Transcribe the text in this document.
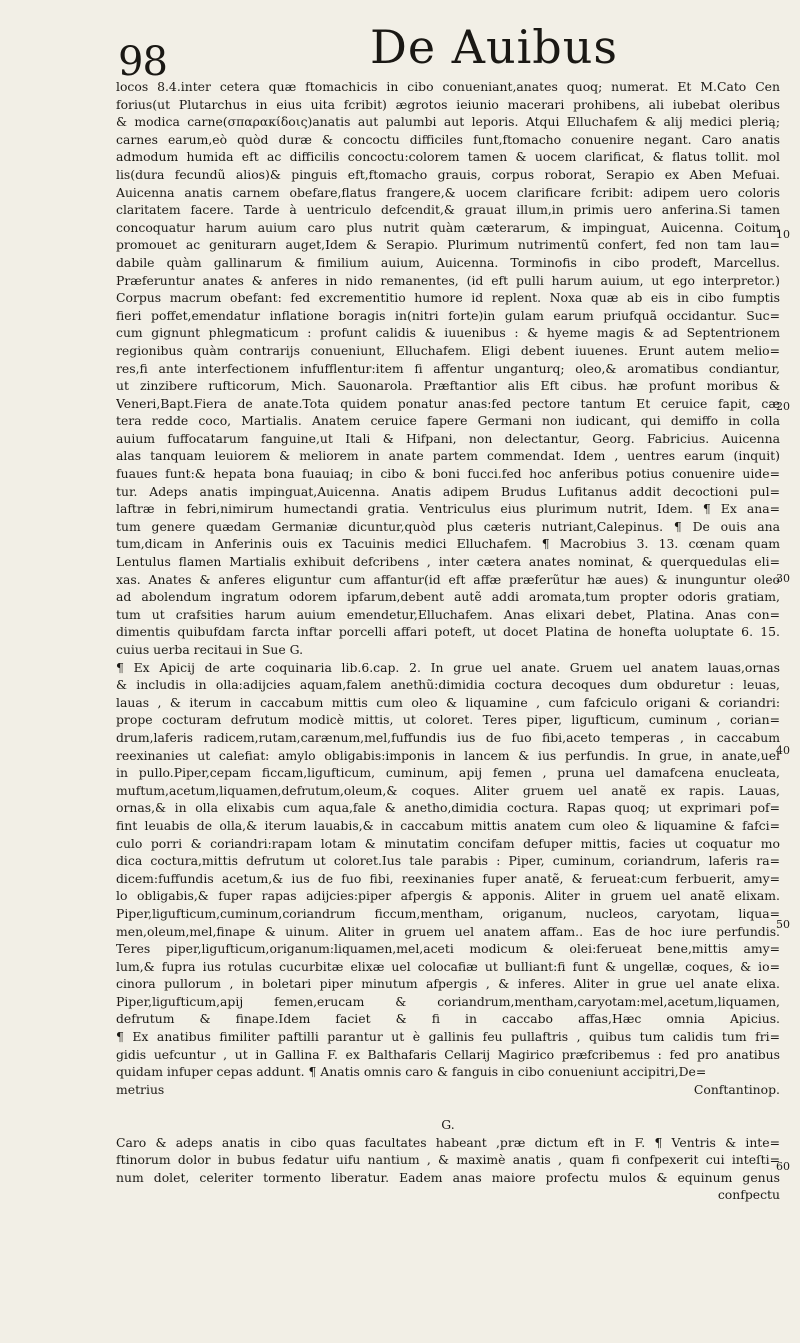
98	De Auibus
10
20
30
40
50
60
locos 8.4.inter cetera quæ ftomachicis in cibo conueniant,anates quoq; numerat. Et M.Cato Cen
forius(ut Plutarchus in eius uita fcribit) ægrotos ieiunio macerari prohibens, ali iubebat oleribus
& modica carne(σπαρακίδοις)anatis aut palumbi aut leporis. Atqui Elluchafem & alij medici plerią;
carnes earum,eò quòd duræ & concoctu difficiles funt,ftomacho conuenire negant. Caro anatis
admodum humida eft ac difficilis concoctu:colorem tamen & uocem clarificat, & flatus tollit. mol
lis(dura fecundũ alios)& pinguis eft,ftomacho grauis, corpus roborat, Serapio ex Aben Mefuai.
Auicenna anatis carnem obefare,flatus frangere,& uocem clarificare fcribit: adipem uero coloris
claritatem facere. Tarde à uentriculo defcendit,& grauat illum,in primis uero anferina.Si tamen
concoquatur harum auium caro plus nutrit quàm cæterarum, & impinguat, Auicenna. Coitum
promouet ac geniturarn auget,Idem & Serapio. Plurimum nutrimentũ confert, fed non tam lau=
dabile quàm gallinarum & fimilium auium, Auicenna. Torminofis in cibo prodeft, Marcellus.
Præferuntur anates & anferes in nido remanentes, (id eft pulli harum auium, ut ego interpretor.)
Corpus macrum obefant: fed excrementitio humore id replent. Noxa quæ ab eis in cibo fumptis
fieri poffet,emendatur inflatione boragis in(nitri forte)in gulam earum priufquã occidantur. Suc=
cum gignunt phlegmaticum : profunt calidis & iuuenibus : & hyeme magis & ad Septentrionem
regionibus quàm contrarijs conueniunt, Elluchafem. Eligi debent iuuenes. Erunt autem melio=
res,fi ante interfectionem infufflentur:item fi affentur unganturq; oleo,& aromatibus condiantur,
ut zinzibere rufticorum, Mich. Sauonarola. Præftantior alis Eft cibus. hæ profunt moribus &
Veneri,Bapt.Fiera de anate.Tota quidem ponatur anas:fed pectore tantum Et ceruice fapit, cæ
tera redde coco, Martialis. Anatem ceruice fapere Germani non iudicant, qui demiffo in colla
auium fuffocatarum fanguine,ut Itali & Hifpani, non delectantur, Georg. Fabricius. Auicenna
alas tanquam leuiorem & meliorem in anate partem commendat. Idem , uentres earum (inquit)
fuaues funt:& hepata bona fuauiaq; in cibo & boni fucci.fed hoc anferibus potius conuenire uide=
tur. Adeps anatis impinguat,Auicenna. Anatis adipem Brudus Lufitanus addit decoctioni pul=
laftræ in febri,nimirum humectandi gratia. Ventriculus eius plurimum nutrit, Idem. ¶ Ex ana=
tum genere quædam Germaniæ dicuntur,quòd plus cæteris nutriant,Calepinus. ¶ De ouis ana
tum,dicam in Anferinis ouis ex Tacuinis medici Elluchafem. ¶ Macrobius 3. 13. cœnam quam
Lentulus flamen Martialis exhibuit defcribens , inter cætera anates nominat, & querquedulas eli=
xas. Anates & anferes eliguntur cum affantur(id eft affæ præferũtur hæ aues) & inunguntur oleo
ad abolendum ingratum odorem ipfarum,debent autẽ addi aromata,tum propter odoris gratiam,
tum ut crafsities harum auium emendetur,Elluchafem. Anas elixari debet, Platina. Anas con=
dimentis quibufdam farcta inftar porcelli affari poteft, ut docet Platina de honefta uoluptate 6. 15.
cuius uerba recitaui in Sue G.
¶ Ex Apicij de arte coquinaria lib.6.cap. 2. In grue uel anate. Gruem uel anatem lauas,ornas
& includis in olla:adijcies aquam,falem anethũ:dimidia coctura decoques dum obduretur : leuas,
lauas , & iterum in caccabum mittis cum oleo & liquamine , cum fafciculo origani & coriandri:
prope cocturam defrutum modicè mittis, ut coloret. Teres piper, ligufticum, cuminum , corian=
drum,laferis radicem,rutam,carænum,mel,fuffundis ius de fuo fibi,aceto temperas , in caccabum
reexinanies ut calefiat: amylo obligabis:imponis in lancem & ius perfundis. In grue, in anate,uel
in pullo.Piper,cepam ficcam,ligufticum, cuminum, apij femen , pruna uel damafcena enucleata,
muftum,acetum,liquamen,defrutum,oleum,& coques. Aliter gruem uel anatẽ ex rapis. Lauas,
ornas,& in olla elixabis cum aqua,fale & anetho,dimidia coctura. Rapas quoq; ut exprimari pof=
fint leuabis de olla,& iterum lauabis,& in caccabum mittis anatem cum oleo & liquamine & fafci=
culo porri & coriandri:rapam lotam & minutatim concifam defuper mittis, facies ut coquatur mo
dica coctura,mittis defrutum ut coloret.Ius tale parabis : Piper, cuminum, coriandrum, laferis ra=
dicem:fuffundis acetum,& ius de fuo fibi, reexinanies fuper anatẽ, & ferueat:cum ferbuerit, amy=
lo obligabis,& fuper rapas adijcies:piper afpergis & apponis. Aliter in gruem uel anatẽ elixam.
Piper,ligufticum,cuminum,coriandrum ficcum,mentham, origanum, nucleos, caryotam, liqua=
men,oleum,mel,finape & uinum. Aliter in gruem uel anatem affam.. Eas de hoc iure perfundis.
Teres piper,ligufticum,origanum:liquamen,mel,aceti modicum & olei:ferueat bene,mittis amy=
lum,& fupra ius rotulas cucurbitæ elixæ uel colocafiæ ut bulliant:fi funt & ungellæ, coques, & io=
cinora pullorum , in boletari piper minutum afpergis , & inferes. Aliter in grue uel anate elixa.
Piper,ligufticum,apij femen,erucam & coriandrum,mentham,caryotam:mel,acetum,liquamen,
defrutum & finape.Idem faciet & fi in caccabo affas,Hæc omnia Apicius.
¶ Ex anatibus fimiliter paftilli parantur ut è gallinis feu pullaftris , quibus tum calidis tum fri=
gidis uefcuntur , ut in Gallina F. ex Balthafaris Cellarij Magirico præfcribemus : fed pro anatibus
quidam infuper cepas addunt. ¶ Anatis omnis caro & fanguis in cibo conueniunt accipitri,De=
metrius Conftantinop.
G.
Caro & adeps anatis in cibo quas facultates habeant ,præ dictum eft in F. ¶ Ventris & inte=
ftinorum dolor in bubus fedatur uifu nantium , & maximè anatis , quam fi confpexerit cui inteſti=
num dolet, celeriter tormento liberatur. Eadem anas maiore profectu mulos & equinum genus
confpectu
